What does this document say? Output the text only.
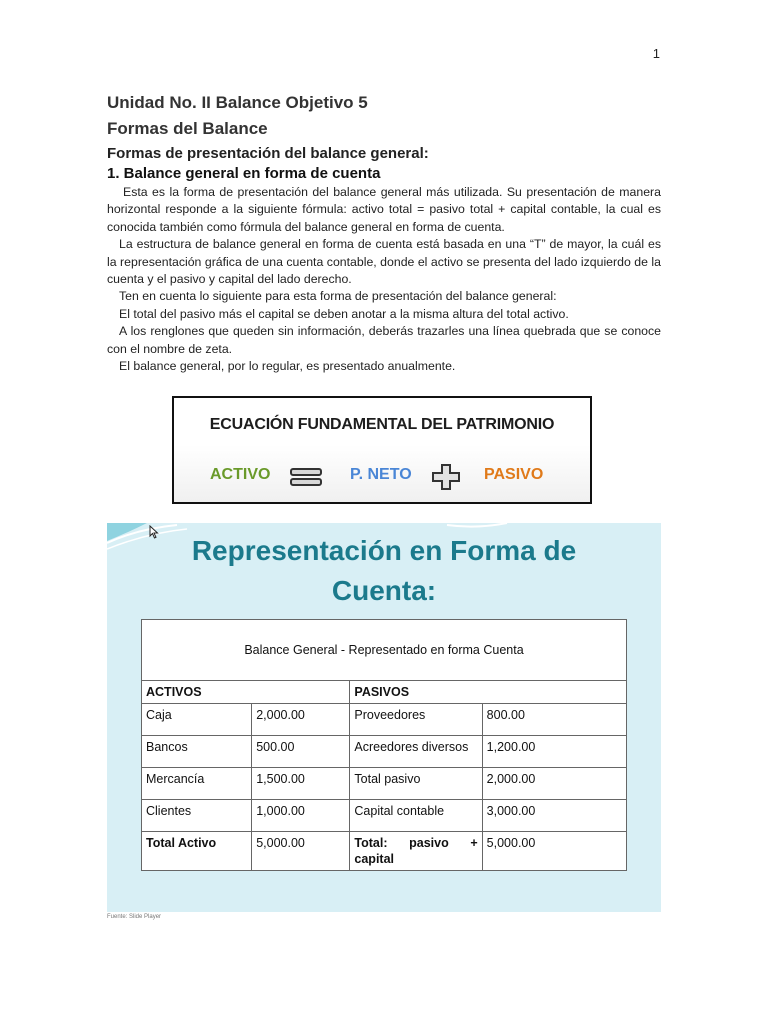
1
Unidad No. II Balance Objetivo 5
Formas del Balance
Formas de presentación del balance general:
1. Balance general en forma de cuenta

Esta es la forma de presentación del balance general más utilizada. Su presentación de manera horizontal responde a la siguiente fórmula: activo total = pasivo total + capital contable, la cual es conocida también como fórmula del balance general en forma de cuenta.

La estructura de balance general en forma de cuenta está basada en una “T” de mayor, la cuál es la representación gráfica de una cuenta contable, donde el activo se presenta del lado izquierdo de la cuenta y el pasivo y capital del lado derecho.

Ten en cuenta lo siguiente para esta forma de presentación del balance general:

El total del pasivo más el capital se deben anotar a la misma altura del total activo.

A los renglones que queden sin información, deberás trazarles una línea quebrada que se conoce con el nombre de zeta.

El balance general, por lo regular, es presentado anualmente.

ECUACIÓN FUNDAMENTAL DEL PATRIMONIO
ACTIVO	P. NETO	PASIVO
Representación en Forma de
Cuenta:
Balance General - Representado en forma Cuenta			
ACTIVOS		PASIVOS	
Caja	2,000.00	Proveedores	800.00
Bancos	500.00	Acreedores diversos	1,200.00
Mercancía	1,500.00	Total pasivo	2,000.00
Clientes	1,000.00	Capital contable	3,000.00
Total Activo	5,000.00	Total: pasivo + capital	5,000.00
Fuente: Slide Player
